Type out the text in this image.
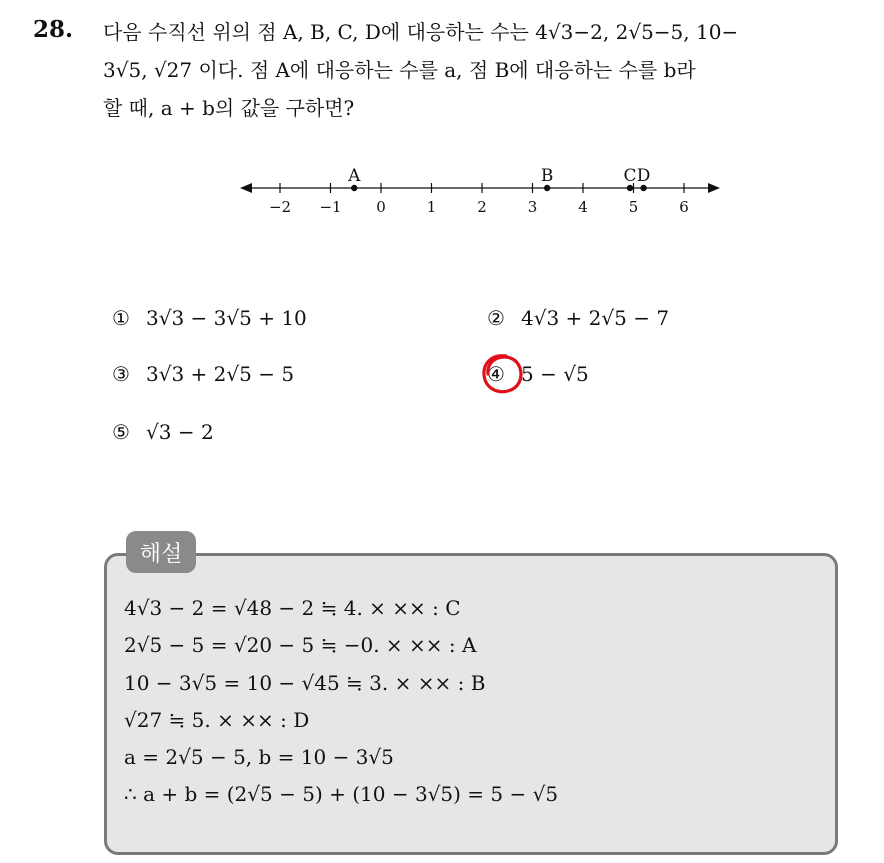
28. 다음 수직선 위의 점 A, B, C, D에 대응하는 수는 4√3−2, 2√5−5, 10−
3√5, √27 이다. 점 A에 대응하는 수를 a, 점 B에 대응하는 수를 b라
할 때, a + b의 값을 구하면?
−2 −1 0	1	2	3	4	5	6
A	B	C D
① 3√3 − 3√5 + 10	② 4√3 + 2√5 − 7
③ 3√3 + 2√5 − 5	④ 5 − √5
⑤ √3 − 2
해설
4√3 − 2 = √48 − 2 ≒ 4. × ×× : C
2√5 − 5 = √20 − 5 ≒ −0. × ×× : A
10 − 3√5 = 10 − √45 ≒ 3. × ×× : B
√27 ≒ 5. × ×× : D
a = 2√5 − 5, b = 10 − 3√5
∴ a + b = (2√5 − 5) + (10 − 3√5) = 5 − √5
